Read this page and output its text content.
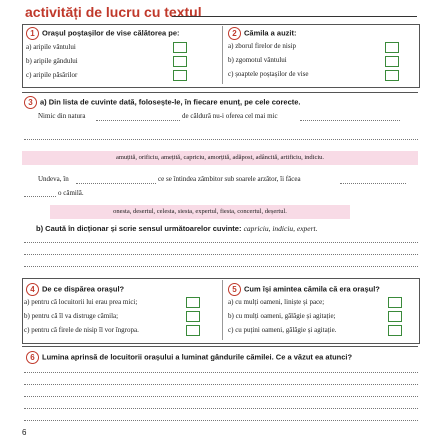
activități de lucru cu textul
1 Orașul poștașilor de vise călătorea pe:
a) aripile vântului
b) aripile gândului
c) aripile păsărilor
2 Cămila a auzit:
a) zborul firelor de nisip
b) zgomotul vântului
c) șoaptele poștașilor de vise
3 a) Din lista de cuvinte dată, folosește-le, în fiecare enunț, pe cele corecte.
Nimic din natura	de căldură nu-i oferea cel mai mic
amuțită, orificiu, amețită, capriciu, amorțită, adăpost, adâncită, artificiu, indiciu.
Undeva, în	ce se întindea zâmbitor sub soarele arzător, îi făcea
o cămilă.
onesta, desertul, celesta, siesta, expertul, fiesta, concertul, deșertul.
b) Caută în dicționar și scrie sensul următoarelor cuvinte: capriciu, indiciu, expert.
4 De ce dispărea orașul?
a) pentru că locuitorii lui erau prea mici;
b) pentru că îl va distruge cămila;
c) pentru că firele de nisip îl vor îngropa.
5 Cum își amintea cămila că era orașul?
a) cu mulți oameni, liniște și pace;
b) cu mulți oameni, gălăgie și agitație;
c) cu puțini oameni, gălăgie și agitație.
6 Lumina aprinsă de locuitorii orașului a luminat gândurile cămilei. Ce a văzut ea atunci?
6
